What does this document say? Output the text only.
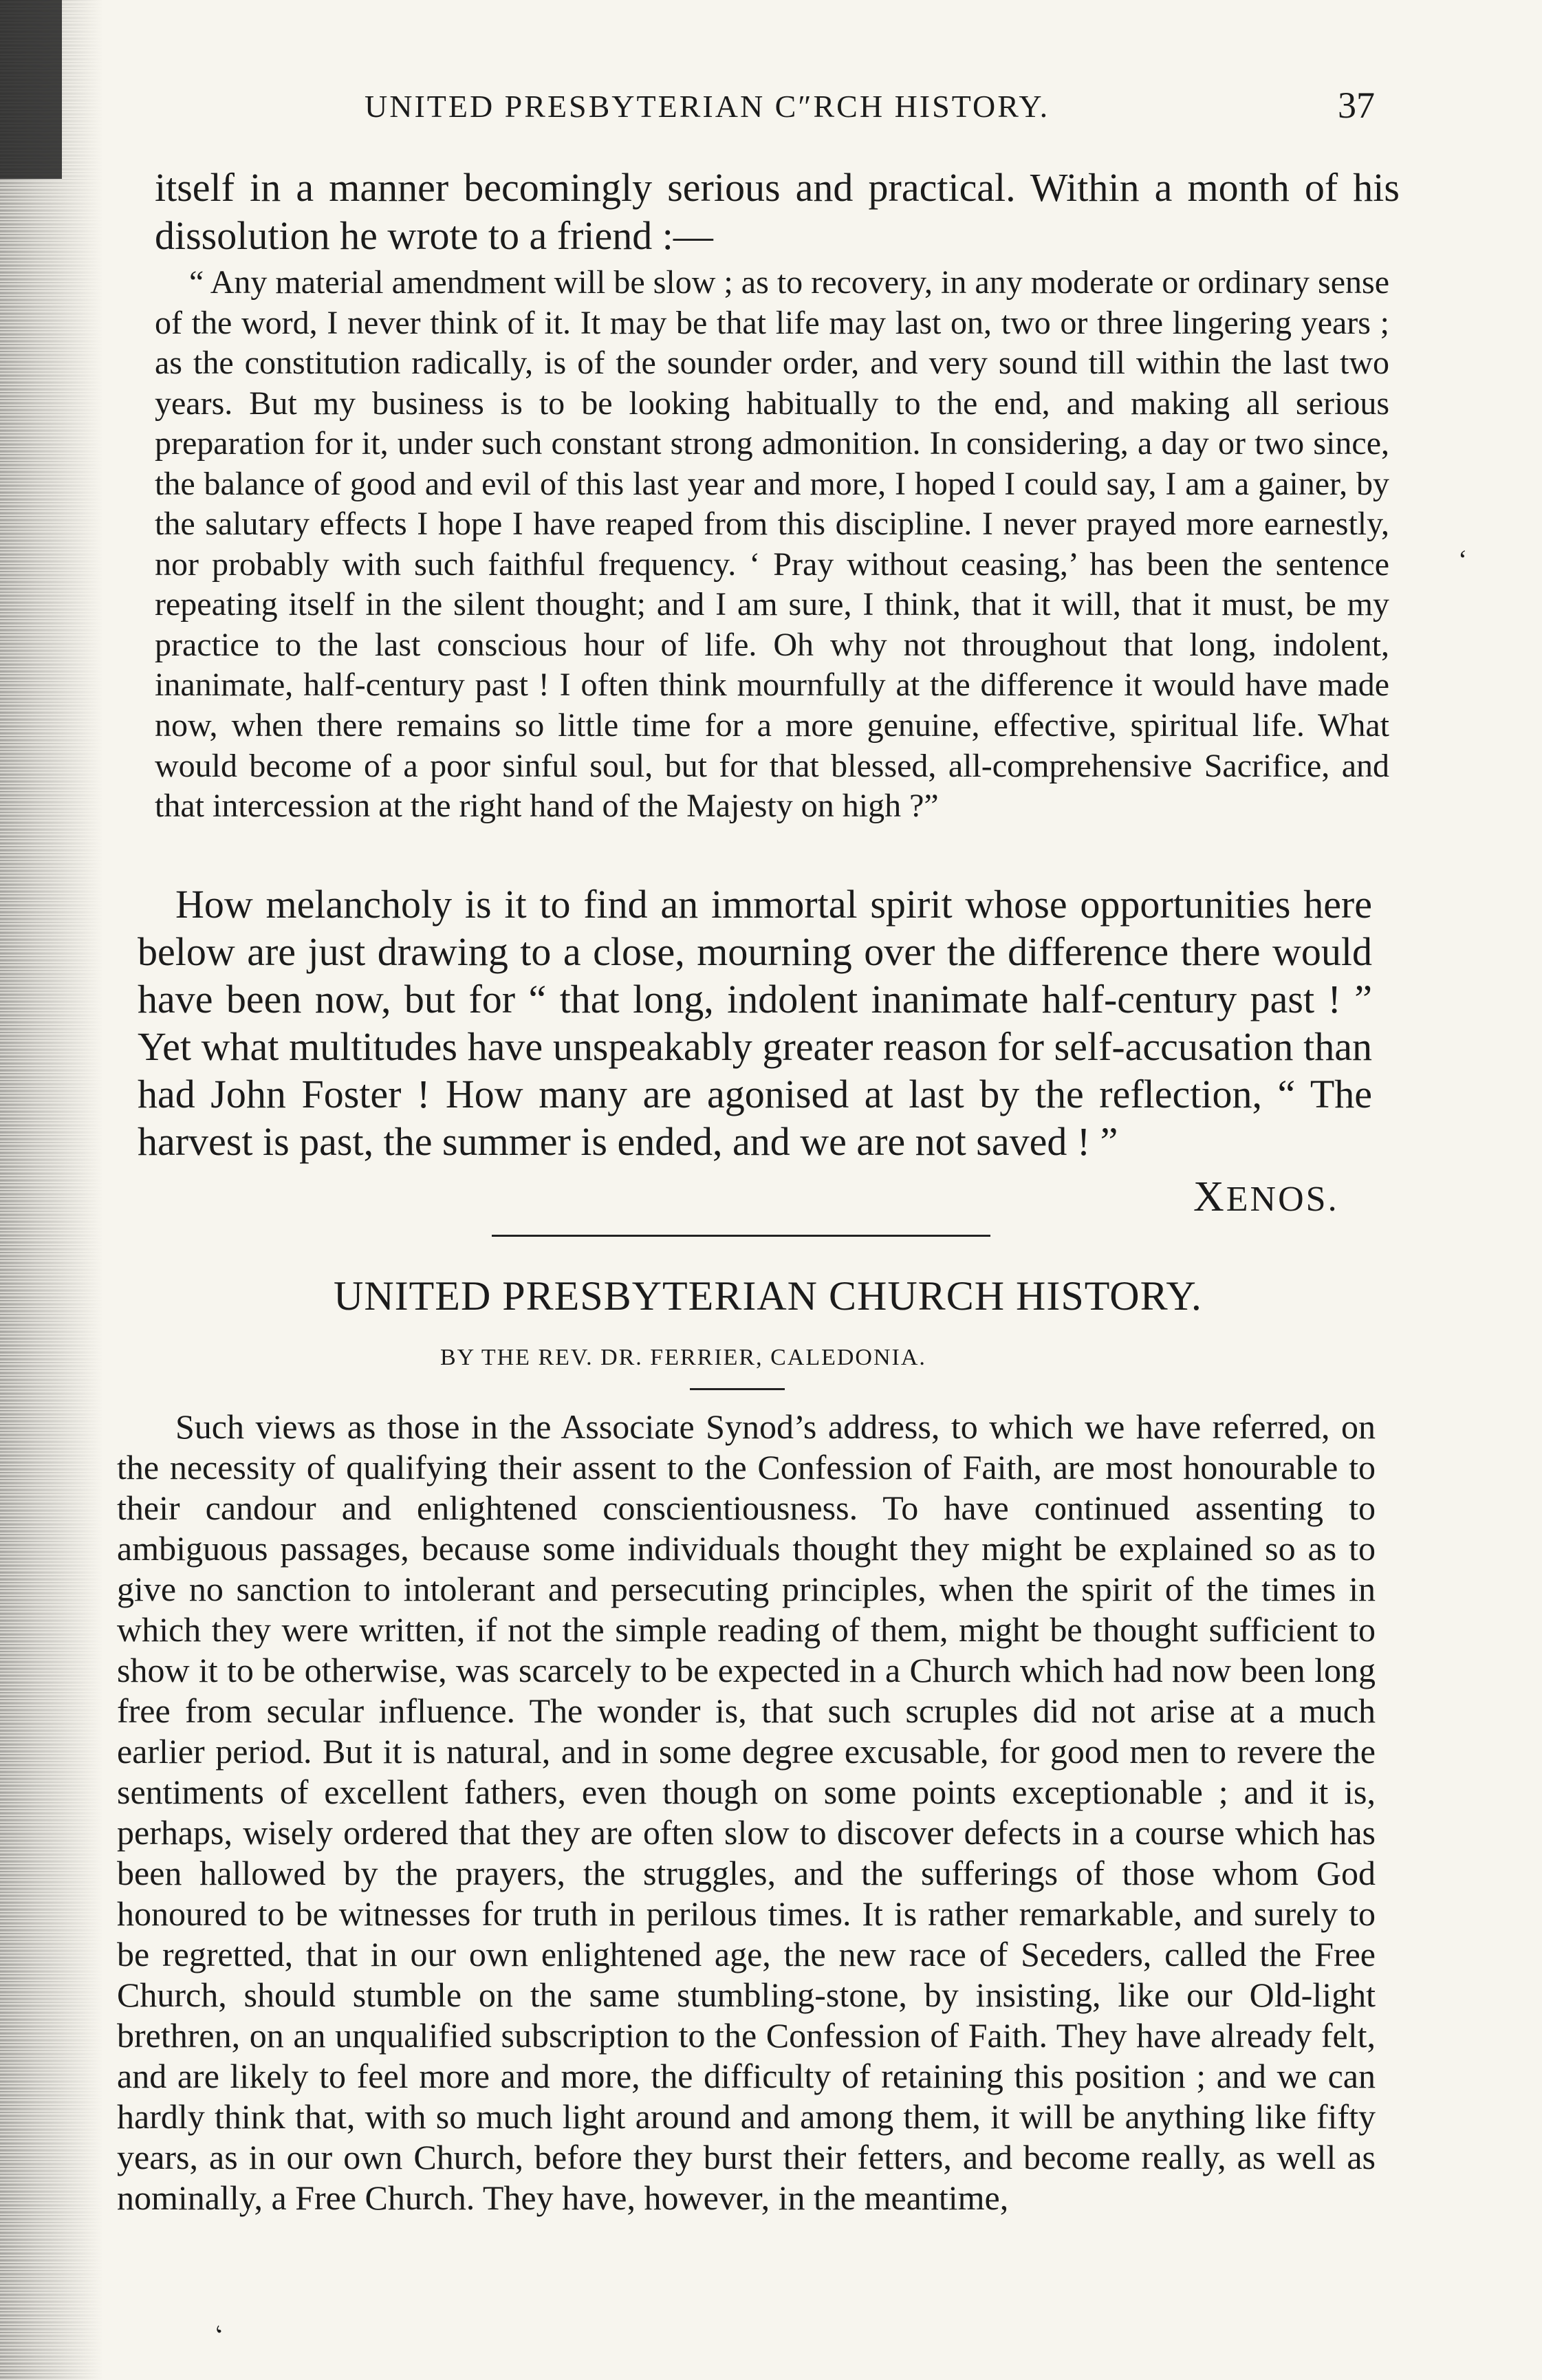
UNITED PRESBYTERIAN C″RCH HISTORY.	37

itself in a manner becomingly serious and practical. Within a month of his dissolution he wrote to a friend :—

“ Any material amendment will be slow ; as to recovery, in any moderate or ordinary sense of the word, I never think of it. It may be that life may last on, two or three lingering years ; as the constitution radically, is of the sounder order, and very sound till within the last two years. But my business is to be looking habitually to the end, and making all serious preparation for it, under such constant strong admonition. In considering, a day or two since, the balance of good and evil of this last year and more, I hoped I could say, I am a gainer, by the salutary effects I hope I have reaped from this discipline. I never prayed more earnestly, nor probably with such faithful frequency. ‘ Pray without ceasing,’ has been the sentence repeating itself in the silent thought; and I am sure, I think, that it will, that it must, be my practice to the last conscious hour of life. Oh why not throughout that long, indolent, inanimate, half-century past ! I often think mournfully at the difference it would have made now, when there remains so little time for a more genuine, effective, spiritual life. What would become of a poor sinful soul, but for that blessed, all-comprehensive Sacrifice, and that intercession at the right hand of the Majesty on high ?”

‘

How melancholy is it to find an immortal spirit whose opportunities here below are just drawing to a close, mourning over the difference there would have been now, but for “ that long, indolent inanimate half-century past ! ” Yet what multitudes have unspeakably greater reason for self-accusation than had John Foster ! How many are agonised at last by the reflection, “ The harvest is past, the summer is ended, and we are not saved ! ”

XENOS.
UNITED PRESBYTERIAN CHURCH HISTORY.
BY THE REV. DR. FERRIER, CALEDONIA.

Such views as those in the Associate Synod’s address, to which we have referred, on the necessity of qualifying their assent to the Confession of Faith, are most honourable to their candour and enlightened conscientiousness. To have continued assenting to ambiguous passages, because some individuals thought they might be explained so as to give no sanction to intolerant and persecuting principles, when the spirit of the times in which they were written, if not the simple reading of them, might be thought sufficient to show it to be otherwise, was scarcely to be expected in a Church which had now been long free from secular influence. The wonder is, that such scruples did not arise at a much earlier period. But it is natural, and in some degree excusable, for good men to revere the sentiments of excellent fathers, even though on some points exceptionable ; and it is, perhaps, wisely ordered that they are often slow to discover defects in a course which has been hallowed by the prayers, the struggles, and the sufferings of those whom God honoured to be witnesses for truth in perilous times. It is rather remarkable, and surely to be regretted, that in our own enlightened age, the new race of Seceders, called the Free Church, should stumble on the same stumbling-stone, by insisting, like our Old-light brethren, on an unqualified subscription to the Confession of Faith. They have already felt, and are likely to feel more and more, the difficulty of retaining this position ; and we can hardly think that, with so much light around and among them, it will be anything like fifty years, as in our own Church, before they burst their fetters, and become really, as well as nominally, a Free Church. They have, however, in the meantime,

‘
